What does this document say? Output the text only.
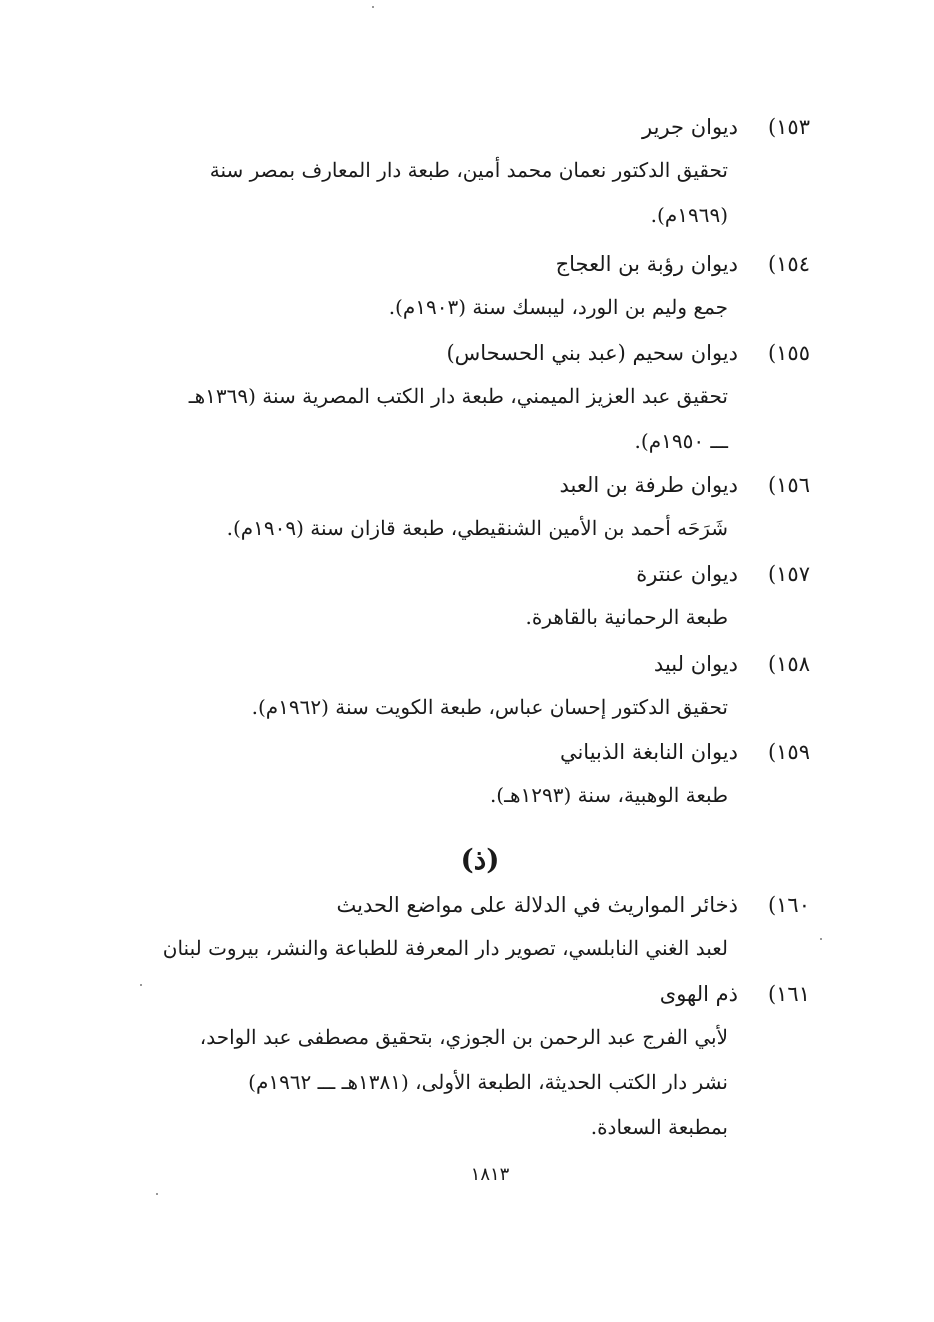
١٥٣)
ديوان جرير
تحقيق الدكتور نعمان محمد أمين، طبعة دار المعارف بمصر سنة
(١٩٦٩م).
١٥٤)
ديوان رؤبة بن العجاج
جمع وليم بن الورد، ليبسك سنة (١٩٠٣م).
١٥٥)
ديوان سحيم (عبد بني الحسحاس)
تحقيق عبد العزيز الميمني، طبعة دار الكتب المصرية سنة (١٣٦٩هـ
ـــ ١٩٥٠م).
١٥٦)
ديوان طرفة بن العبد
شَرَحَه أحمد بن الأمين الشنقيطي، طبعة قازان سنة (١٩٠٩م).
١٥٧)
ديوان عنترة
طبعة الرحمانية بالقاهرة.
١٥٨)
ديوان لبيد
تحقيق الدكتور إحسان عباس، طبعة الكويت سنة (١٩٦٢م).
١٥٩)
ديوان النابغة الذبياني
طبعة الوهبية، سنة (١٢٩٣هـ).
(ذ)
١٦٠)
ذخائر المواريث في الدلالة على مواضع الحديث
لعبد الغني النابلسي، تصوير دار المعرفة للطباعة والنشر، بيروت لبنان
١٦١)
ذم الهوى
لأبي الفرج عبد الرحمن بن الجوزي، بتحقيق مصطفى عبد الواحد،
نشر دار الكتب الحديثة، الطبعة الأولى، (١٣٨١هـ ـــ ١٩٦٢م)
بمطبعة السعادة.
١٨١٣
